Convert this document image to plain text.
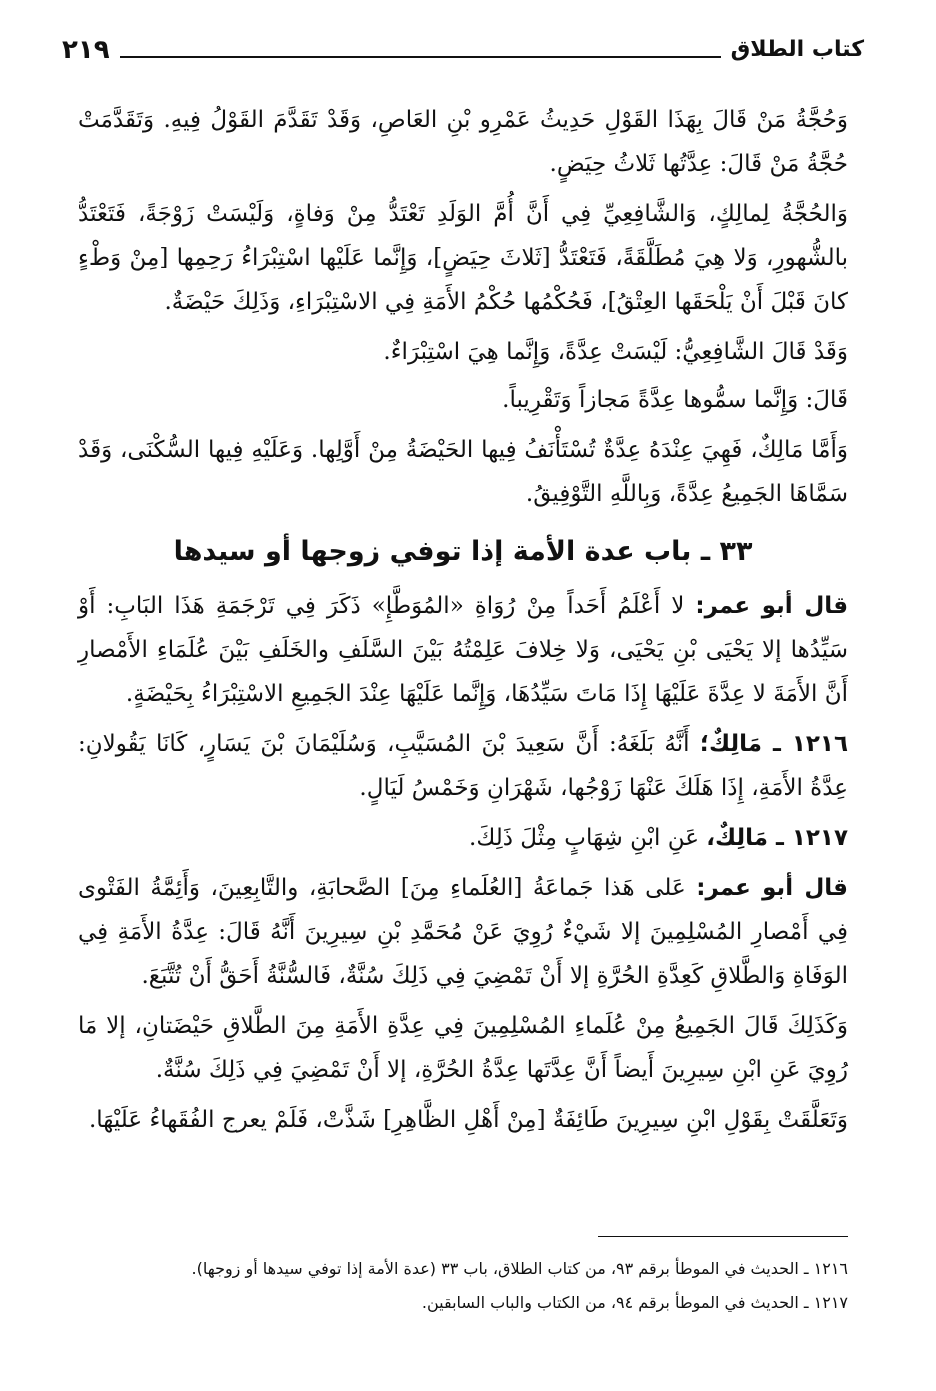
كتاب الطلاق
٢١٩

وَحُجَّةُ مَنْ قَالَ بِهَذَا القَوْلِ حَدِيثُ عَمْرِو بْنِ العَاصِ، وَقَدْ تَقَدَّمَ القَوْلُ فِيهِ. وَتَقَدَّمَتْ حُجَّةُ مَنْ قَالَ: عِدَّتُها ثَلاثُ حِيَضٍ.

وَالحُجَّةُ لِمالِكٍ، وَالشَّافِعِيِّ فِي أَنَّ أُمَّ الوَلَدِ تَعْتَدُّ مِنْ وَفاةٍ، وَلَيْسَتْ زَوْجَةً، فَتَعْتَدُّ بالشُّهورِ، وَلا هِيَ مُطَلَّقَةً، فَتَعْتَدُّ [ثَلاثَ حِيَضٍ]، وَإِنَّما عَلَيْها اسْتِبْرَاءُ رَحِمِها [مِنْ وَطْءٍ كانَ قَبْلَ أَنْ يَلْحَقَها العِتْقُ]، فَحُكْمُها حُكْمُ الأَمَةِ فِي الاسْتِبْرَاءِ، وَذَلِكَ حَيْضَةٌ.

وَقَدْ قَالَ الشَّافِعِيُّ: لَيْسَتْ عِدَّةً، وَإِنَّما هِيَ اسْتِبْرَاءٌ.

قَالَ: وَإِنَّما سمُّوها عِدَّةً مَجازاً وَتَقْرِيباً.

وَأَمَّا مَالِكٌ، فَهِيَ عِنْدَهُ عِدَّةٌ تُسْتَأْنَفُ فِيها الحَيْضَةُ مِنْ أَوَّلِها. وَعَلَيْهِ فِيها السُّكْنَى، وَقَدْ سَمَّاهَا الجَمِيعُ عِدَّةً، وَبِاللَّهِ التَّوْفِيقُ.

٣٣ ـ باب عدة الأمة إذا توفي زوجها أو سيدها

قال أبو عمر: لا أَعْلَمُ أَحَداً مِنْ رُوَاةِ «المُوَطَّإِ» ذَكَرَ فِي تَرْجَمَةِ هَذَا البَابِ: أَوْ سَيِّدُها إلا يَحْيَى بْنِ يَحْيَى، وَلا خِلافَ عَلِمْتُهُ بَيْنَ السَّلَفِ والخَلَفِ بَيْنَ عُلَمَاءِ الأَمْصارِ أَنَّ الأَمَةَ لا عِدَّةَ عَلَيْهَا إِذَا مَاتَ سَيِّدُهَا، وَإِنَّما عَلَيْهَا عِنْدَ الجَمِيعِ الاسْتِبْرَاءُ بِحَيْضَةٍ.

١٢١٦ ـ مَالِكٌ؛ أَنَّهُ بَلَغَهُ: أَنَّ سَعِيدَ بْنَ المُسَيَّبِ، وَسُلَيْمَانَ بْنَ يَسَارٍ، كَانَا يَقُولانِ: عِدَّةُ الأَمَةِ، إِذَا هَلَكَ عَنْهَا زَوْجُها، شَهْرَانِ وَخَمْسُ لَيَالٍ.

١٢١٧ ـ مَالِكٌ، عَنِ ابْنِ شِهَابٍ مِثْلَ ذَلِكَ.

قال أبو عمر: عَلى هَذا جَماعَةُ [العُلَماءِ مِنَ] الصَّحابَةِ، والتَّابِعِينَ، وَأَئِمَّةُ الفَتْوى فِي أَمْصارِ المُسْلِمِينَ إلا شَيْءٌ رُوِيَ عَنْ مُحَمَّدِ بْنِ سِيرِينَ أَنَّهُ قَالَ: عِدَّةُ الأَمَةِ فِي الوَفَاةِ وَالطَّلاقِ كَعِدَّةِ الحُرَّةِ إلا أَنْ تَمْضِيَ فِي ذَلِكَ سُنَّةٌ، فَالسُّنَّةُ أَحَقُّ أَنْ تُتَّبَعَ.

وَكَذَلِكَ قَالَ الجَمِيعُ مِنْ عُلَماءِ المُسْلِمِينَ فِي عِدَّةِ الأَمَةِ مِنَ الطَّلاقِ حَيْضَتانِ، إلا مَا رُوِيَ عَنِ ابْنِ سِيرِينَ أَيضاً أَنَّ عِدَّتَها عِدَّةُ الحُرَّةِ، إلا أَنْ تَمْضِيَ فِي ذَلِكَ سُنَّةٌ.

وَتَعَلَّقَتْ بِقَوْلِ ابْنِ سِيرِينَ طَائِفَةٌ [مِنْ أَهْلِ الظَّاهِرِ] شَذَّتْ، فَلَمْ يعرج الفُقَهاءُ عَلَيْهَا.

١٢١٦ ـ الحديث في الموطأ برقم ٩٣، من كتاب الطلاق، باب ٣٣ (عدة الأمة إذا توفي سيدها أو زوجها).

١٢١٧ ـ الحديث في الموطأ برقم ٩٤، من الكتاب والباب السابقين.
